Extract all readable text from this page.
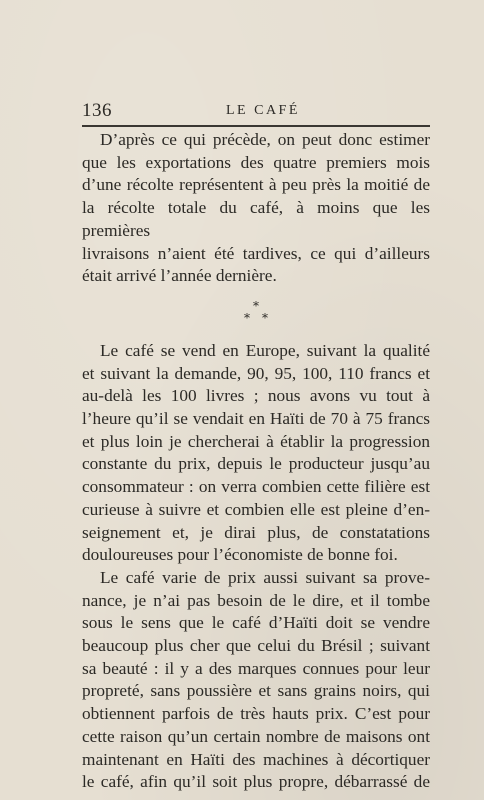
136	LE CAFÉ
D’après ce qui précède, on peut donc estimer
que les exportations des quatre premiers mois
d’une récolte représentent à peu près la moitié de
la récolte totale du café, à moins que les premières
livraisons n’aient été tardives, ce qui d’ailleurs
était arrivé l’année dernière.
*
* *
Le café se vend en Europe, suivant la qualité
et suivant la demande, 90, 95, 100, 110 francs et
au-delà les 100 livres ; nous avons vu tout à
l’heure qu’il se vendait en Haïti de 70 à 75 francs
et plus loin je chercherai à établir la progression
constante du prix, depuis le producteur jusqu’au
consommateur : on verra combien cette filière est
curieuse à suivre et combien elle est pleine d’en-
seignement et, je dirai plus, de constatations
douloureuses pour l’économiste de bonne foi.
Le café varie de prix aussi suivant sa prove-
nance, je n’ai pas besoin de le dire, et il tombe
sous le sens que le café d’Haïti doit se vendre
beaucoup plus cher que celui du Brésil ; suivant
sa beauté : il y a des marques connues pour leur
propreté, sans poussière et sans grains noirs, qui
obtiennent parfois de très hauts prix. C’est pour
cette raison qu’un certain nombre de maisons ont
maintenant en Haïti des machines à décortiquer
le café, afin qu’il soit plus propre, débarrassé de
